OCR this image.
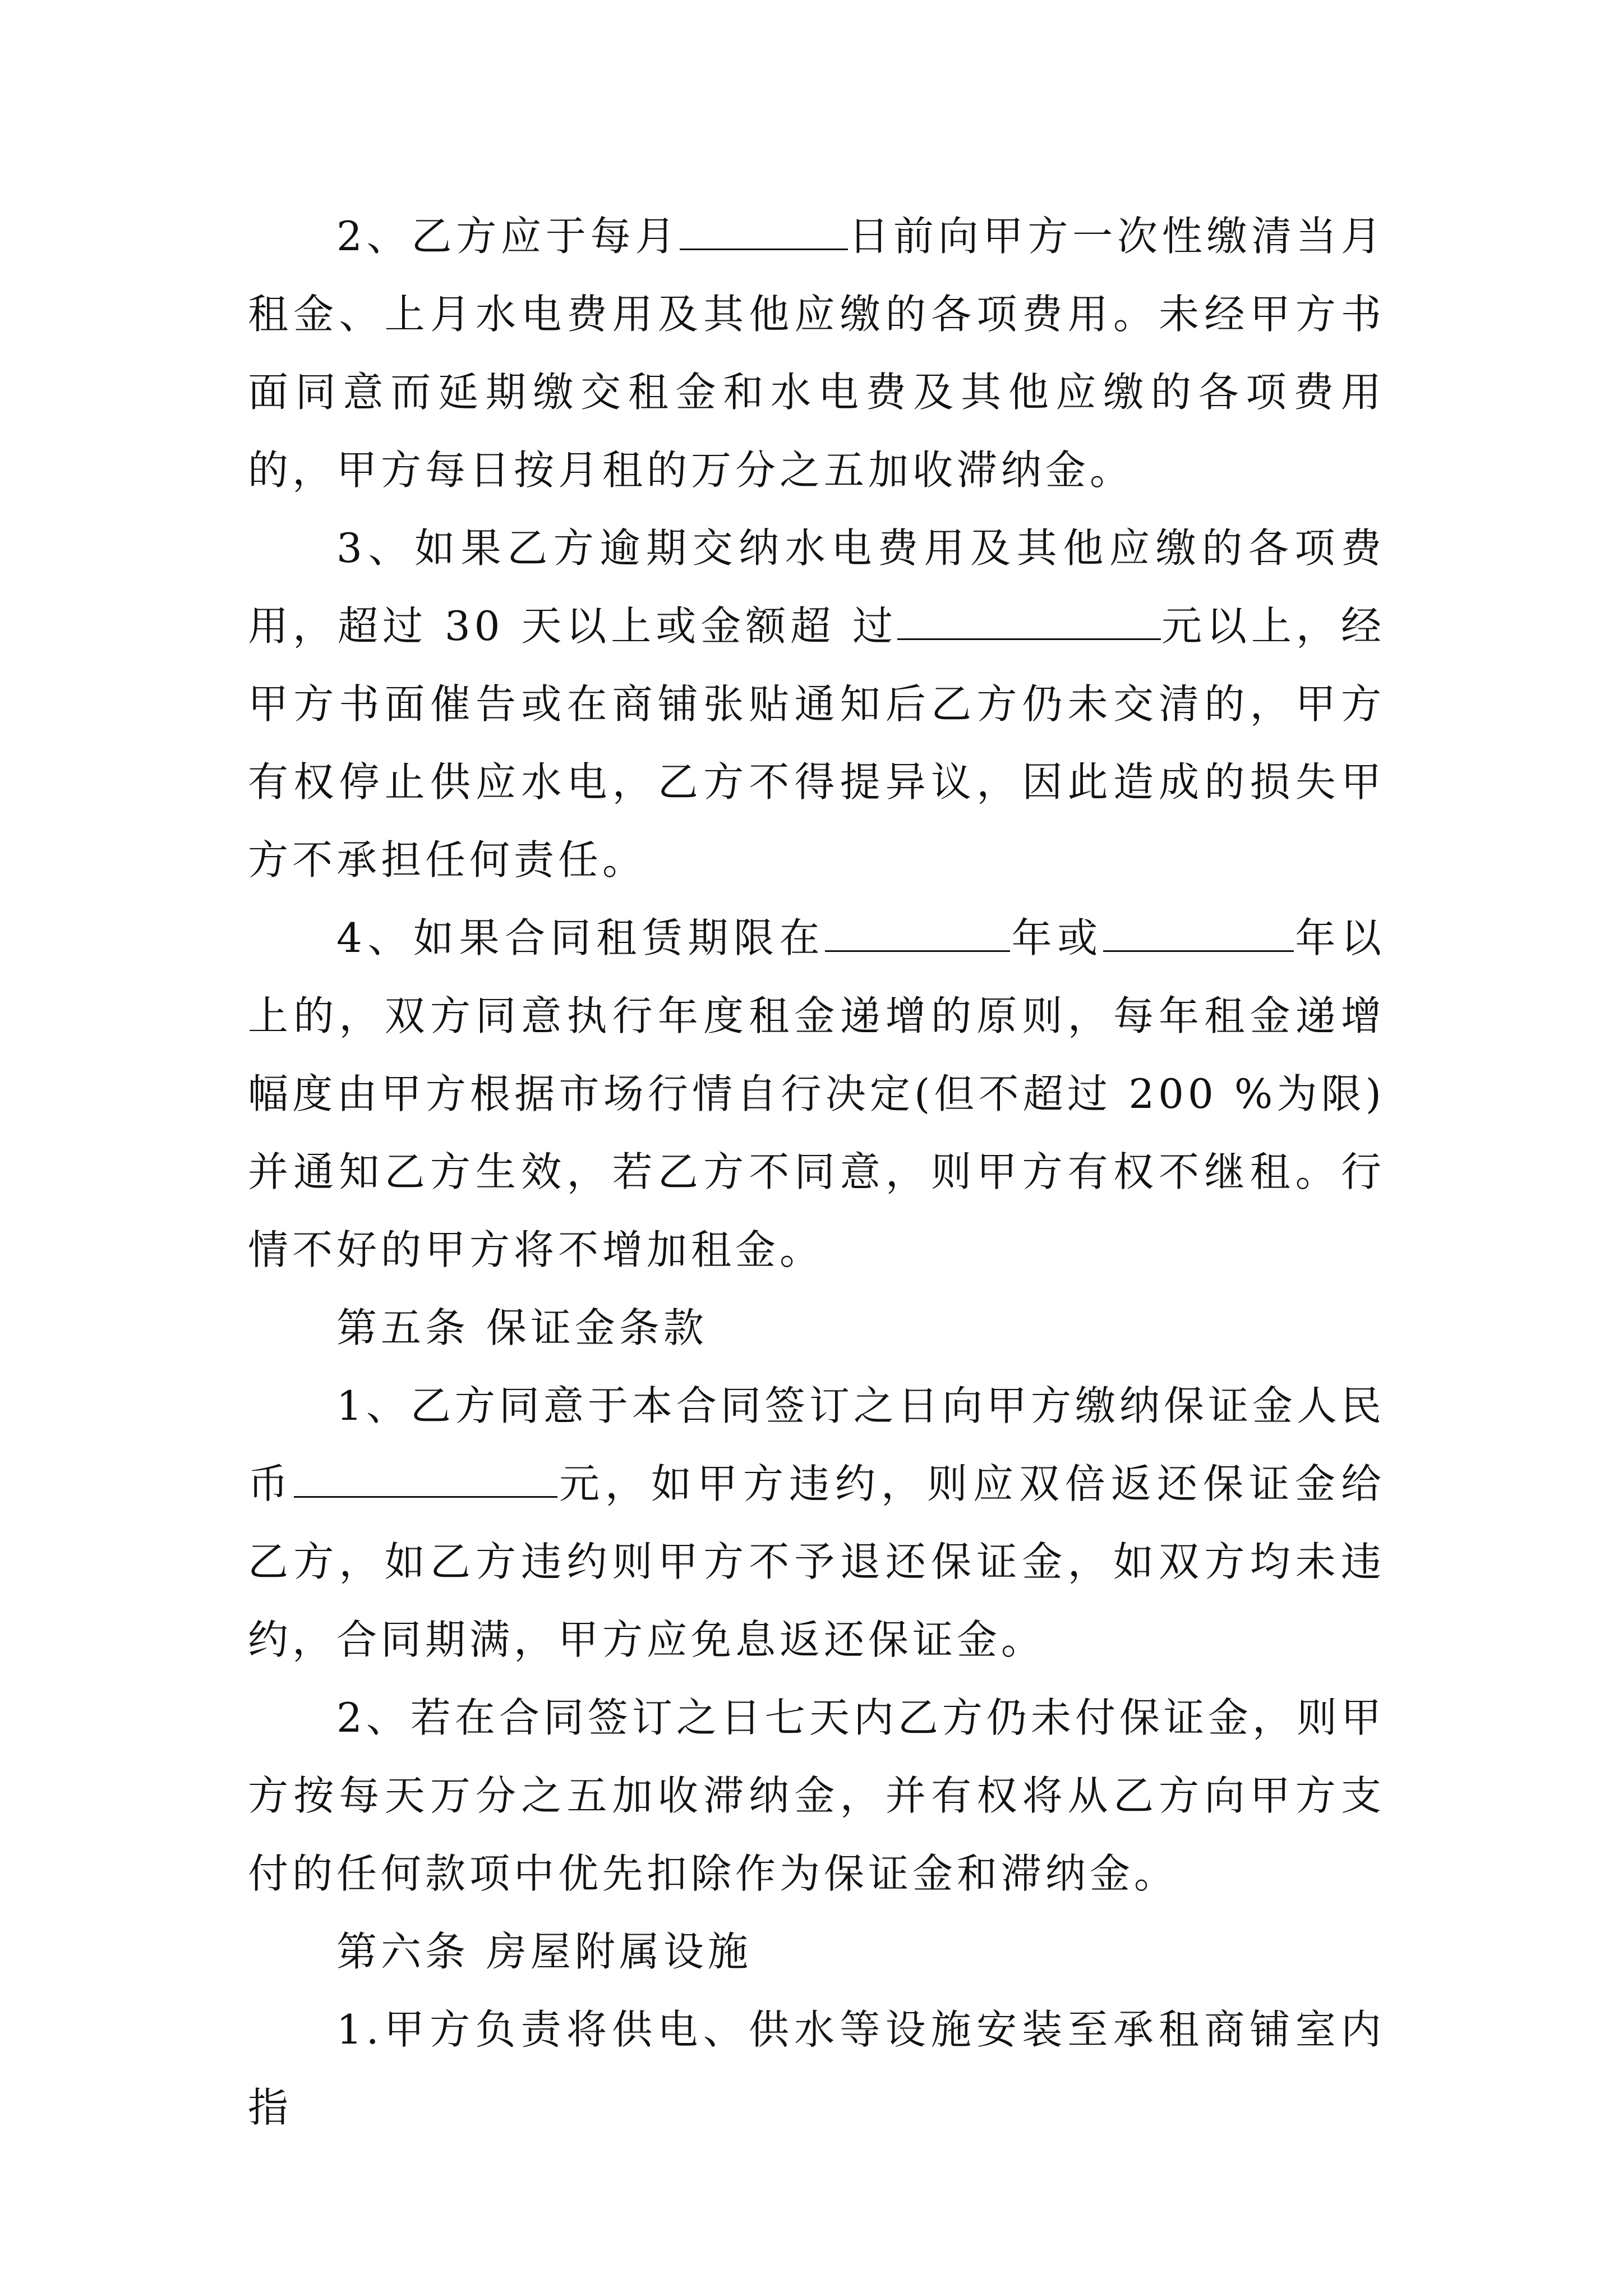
2、乙方应于每月	日前向甲方一次性缴清当月租金、上月水电费用及其他应缴的各项费用。未经甲方书面同意而延期缴交租金和水电费及其他应缴的各项费用的，甲方每日按月租的万分之五加收滞纳金。

3、如果乙方逾期交纳水电费用及其他应缴的各项费用，超过 30 天以上或金额超 过	元以上，经甲方书面催告或在商铺张贴通知后乙方仍未交清的，甲方有权停止供应水电，乙方不得提异议，因此造成的损失甲方不承担任何责任。

4、如果合同租赁期限在	年或	年以上的，双方同意执行年度租金递增的原则，每年租金递增幅度由甲方根据市场行情自行决定(但不超过 200 %为限)并通知乙方生效，若乙方不同意，则甲方有权不继租。行情不好的甲方将不增加租金。

第五条 保证金条款

1、乙方同意于本合同签订之日向甲方缴纳保证金人民币	元，如甲方违约，则应双倍返还保证金给乙方，如乙方违约则甲方不予退还保证金，如双方均未违约，合同期满，甲方应免息返还保证金。

2、若在合同签订之日七天内乙方仍未付保证金，则甲方按每天万分之五加收滞纳金，并有权将从乙方向甲方支付的任何款项中优先扣除作为保证金和滞纳金。

第六条 房屋附属设施

1.甲方负责将供电、供水等设施安装至承租商铺室内指
